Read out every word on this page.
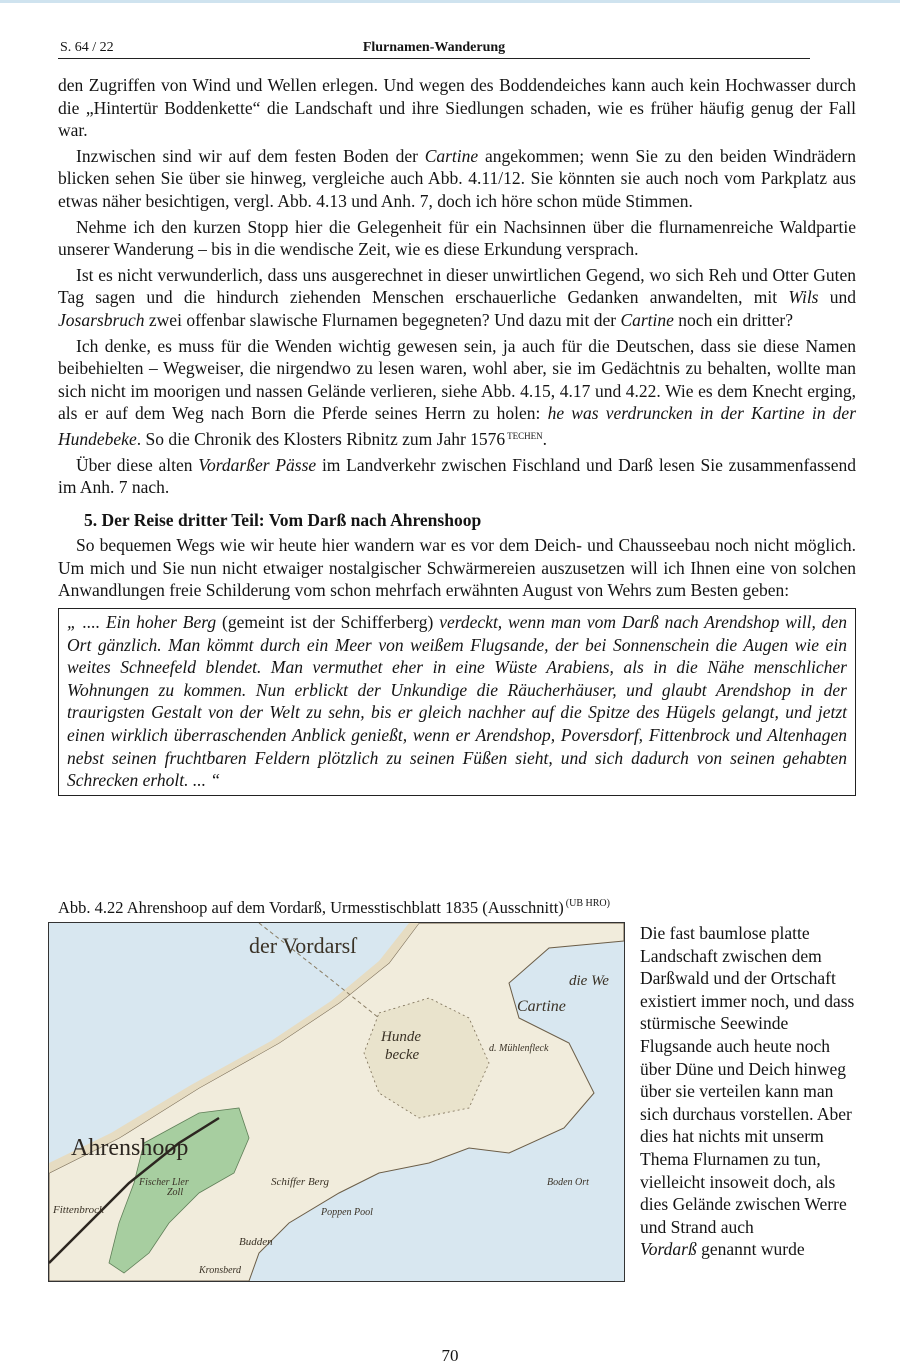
S. 64 / 22	Flurnamen-Wanderung

den Zugriffen von Wind und Wellen erlegen. Und wegen des Boddendeiches kann auch kein Hochwasser durch die „Hintertür Boddenkette“ die Landschaft und ihre Siedlungen schaden, wie es früher häufig genug der Fall war.

Inzwischen sind wir auf dem festen Boden der Cartine angekommen; wenn Sie zu den beiden Windrädern blicken sehen Sie über sie hinweg, vergleiche auch Abb. 4.11/12. Sie könnten sie auch noch vom Parkplatz aus etwas näher besichtigen, vergl. Abb. 4.13 und Anh. 7, doch ich höre schon müde Stimmen.

Nehme ich den kurzen Stopp hier die Gelegenheit für ein Nachsinnen über die flurnamenreiche Waldpartie unserer Wanderung – bis in die wendische Zeit, wie es diese Erkundung versprach.

Ist es nicht verwunderlich, dass uns ausgerechnet in dieser unwirtlichen Gegend, wo sich Reh und Otter Guten Tag sagen und die hindurch ziehenden Menschen erschauerliche Gedanken anwandelten, mit Wils und Josarsbruch zwei offenbar slawische Flurnamen begegneten? Und dazu mit der Cartine noch ein dritter?

Ich denke, es muss für die Wenden wichtig gewesen sein, ja auch für die Deutschen, dass sie diese Namen beibehielten – Wegweiser, die nirgendwo zu lesen waren, wohl aber, sie im Gedächtnis zu behalten, wollte man sich nicht im moorigen und nassen Gelände verlieren, siehe Abb. 4.15, 4.17 und 4.22. Wie es dem Knecht erging, als er auf dem Weg nach Born die Pferde seines Herrn zu holen: he was verdruncken in der Kartine in der Hundebeke. So die Chronik des Klosters Ribnitz zum Jahr 1576 $^{TECHEN}$.

Über diese alten Vordarßer Pässe im Landverkehr zwischen Fischland und Darß lesen Sie zusammenfassend im Anh. 7 nach.

5. Der Reise dritter Teil: Vom Darß nach Ahrenshoop

So bequemen Wegs wie wir heute hier wandern war es vor dem Deich- und Chausseebau noch nicht möglich. Um mich und Sie nun nicht etwaiger nostalgischer Schwärmereien auszusetzen will ich Ihnen eine von solchen Anwandlungen freie Schilderung vom schon mehrfach erwähnten August von Wehrs zum Besten geben:

„ .... Ein hoher Berg (gemeint ist der Schifferberg) verdeckt, wenn man vom Darß nach Arendshop will, den Ort gänzlich. Man kömmt durch ein Meer von weißem Flugsande, der bei Sonnenschein die Augen wie ein weites Schneefeld blendet. Man vermuthet eher in eine Wüste Arabiens, als in die Nähe menschlicher Wohnungen zu kommen. Nun erblickt der Unkundige die Räucherhäuser, und glaubt Arendshop in der traurigsten Gestalt von der Welt zu sehn, bis er gleich nachher auf die Spitze des Hügels gelangt, und jetzt einen wirklich überraschenden Anblick genießt, wenn er Arendshop, Poversdorf, Fittenbrock und Altenhagen nebst seinen fruchtbaren Feldern plötzlich zu seinen Füßen sieht, und sich dadurch von seinen gehabten Schrecken erholt. ... “
Abb. 4.22 Ahrenshoop auf dem Vordarß, Urmesstischblatt 1835 (Ausschnitt) $^{(UB HRO)}$
der Vordarsſ
die We
Cartine
Hunde
becke	d. Mühlenfleck
Ahrenshoop
Boden Ort
Schiffer Berg
Fittenbrock
Budden
Kronsberd
Zoll
Fischer Ller
Poppen Pool
Die fast baumlose platte Landschaft zwischen dem Darßwald und der Ortschaft existiert immer noch, und dass stürmische Seewinde Flugsande auch heute noch über Düne und Deich hinweg über sie verteilen kann man sich durchaus vorstellen. Aber dies hat nichts mit unserm Thema Flurnamen zu tun, vielleicht insoweit doch, als dies Gelände zwischen Werre und Strand auch
Vordarß genannt wurde
70
